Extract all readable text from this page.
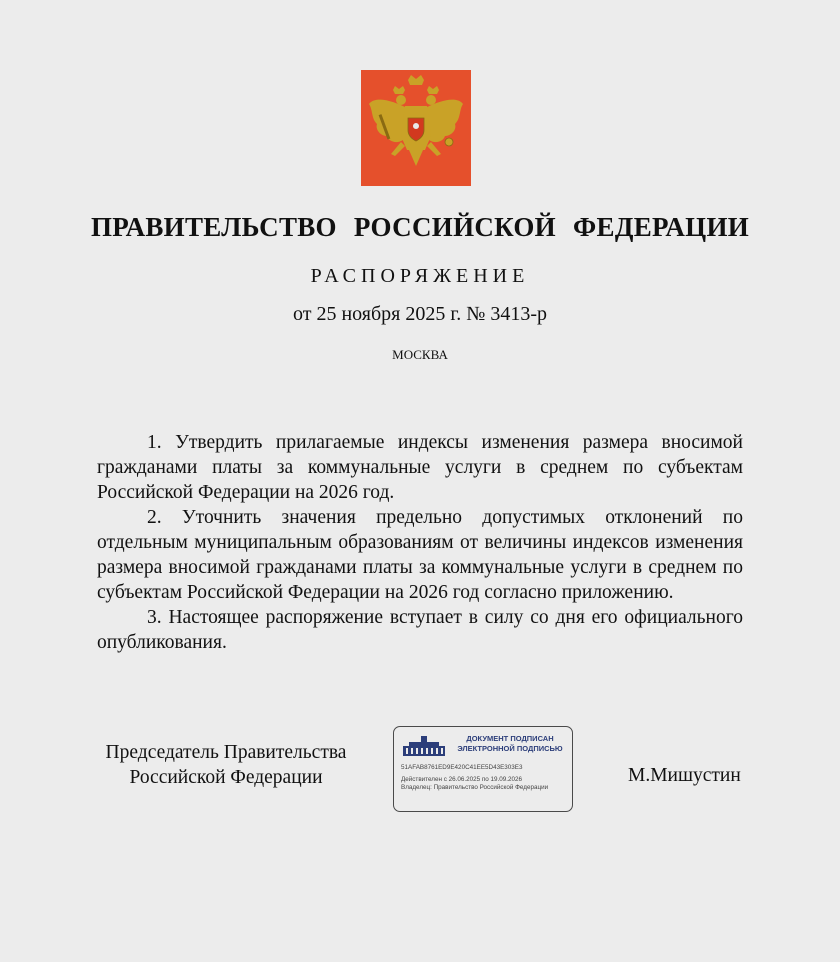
ПРАВИТЕЛЬСТВО РОССИЙСКОЙ ФЕДЕРАЦИИ
РАСПОРЯЖЕНИЕ
от 25 ноября 2025 г. № 3413-р
МОСКВА

1. Утвердить прилагаемые индексы изменения размера вносимой гражданами платы за коммунальные услуги в среднем по субъектам Российской Федерации на 2026 год.

2. Уточнить значения предельно допустимых отклонений по отдельным муниципальным образованиям от величины индексов изменения размера вносимой гражданами платы за коммунальные услуги в среднем по субъектам Российской Федерации на 2026 год согласно приложению.

3. Настоящее распоряжение вступает в силу со дня его официального опубликования.

Председатель Правительства
Российской Федерации
ДОКУМЕНТ ПОДПИСАН
ЭЛЕКТРОННОЙ ПОДПИСЬЮ
51AFAB8761ED9E420C41EE5D43E303E3
Действителен с 26.06.2025 по 19.09.2026
Владелец: Правительство Российской Федерации
М.Мишустин
